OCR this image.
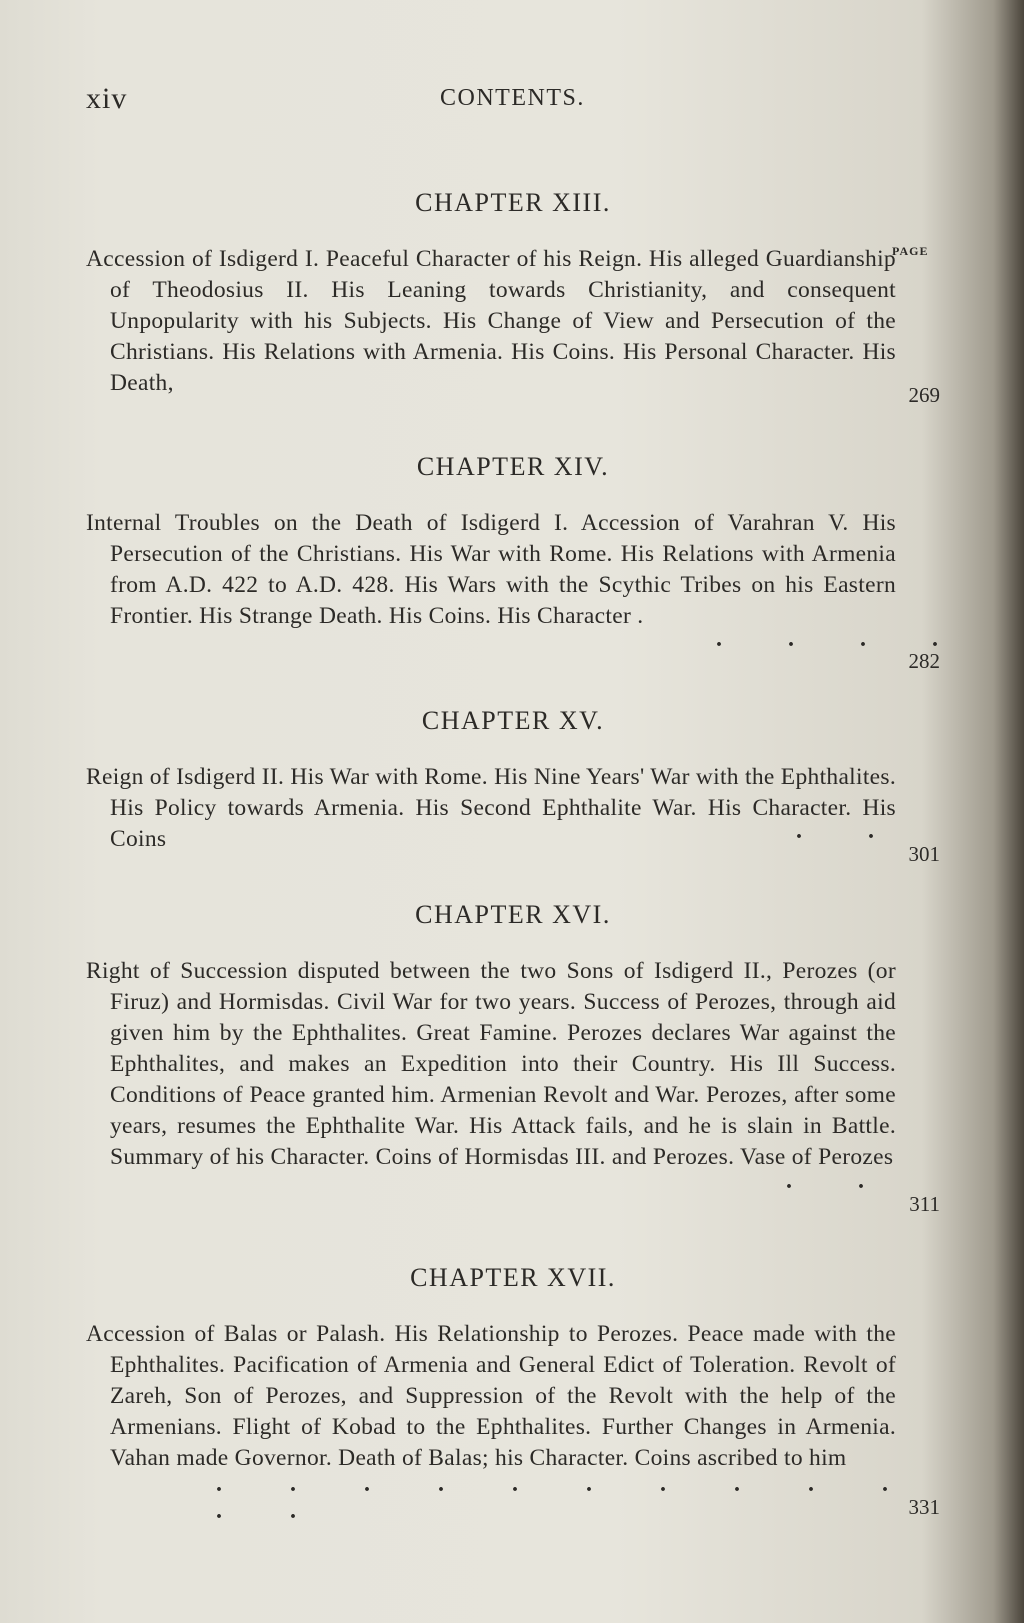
xiv	CONTENTS.
PAGE
CHAPTER XIII.
Accession of Isdigerd I. Peaceful Character of his Reign. His alleged Guardianship of Theodosius II. His Leaning towards Christianity, and consequent Unpopularity with his Subjects. His Change of View and Persecution of the Christians. His Relations with Armenia. His Coins. His Personal Character. His Death,	269
CHAPTER XIV.
Internal Troubles on the Death of Isdigerd I. Accession of Varahran V. His Persecution of the Christians. His War with Rome. His Relations with Armenia from A.D. 422 to A.D. 428. His Wars with the Scythic Tribes on his Eastern Frontier. His Strange Death. His Coins. His Character .
. . . .
282
CHAPTER XV.
Reign of Isdigerd II. His War with Rome. His Nine Years' War with the Ephthalites. His Policy towards Armenia. His Second Ephthalite War. His Character. His Coins	. .
301
CHAPTER XVI.
Right of Succession disputed between the two Sons of Isdigerd II., Perozes (or Firuz) and Hormisdas. Civil War for two years. Success of Perozes, through aid given him by the Ephthalites. Great Famine. Perozes declares War against the Ephthalites, and makes an Expedition into their Country. His Ill Success. Conditions of Peace granted him. Armenian Revolt and War. Perozes, after some years, resumes the Ephthalite War. His Attack fails, and he is slain in Battle. Summary of his Character. Coins of Hormisdas III. and Perozes. Vase of Perozes
. .
311
CHAPTER XVII.
Accession of Balas or Palash. His Relationship to Perozes. Peace made with the Ephthalites. Pacification of Armenia and General Edict of Toleration. Revolt of Zareh, Son of Perozes, and Suppression of the Revolt with the help of the Armenians. Flight of Kobad to the Ephthalites. Further Changes in Armenia. Vahan made Governor. Death of Balas; his Character. Coins ascribed to him
. . . . . . . . . . . .	331
